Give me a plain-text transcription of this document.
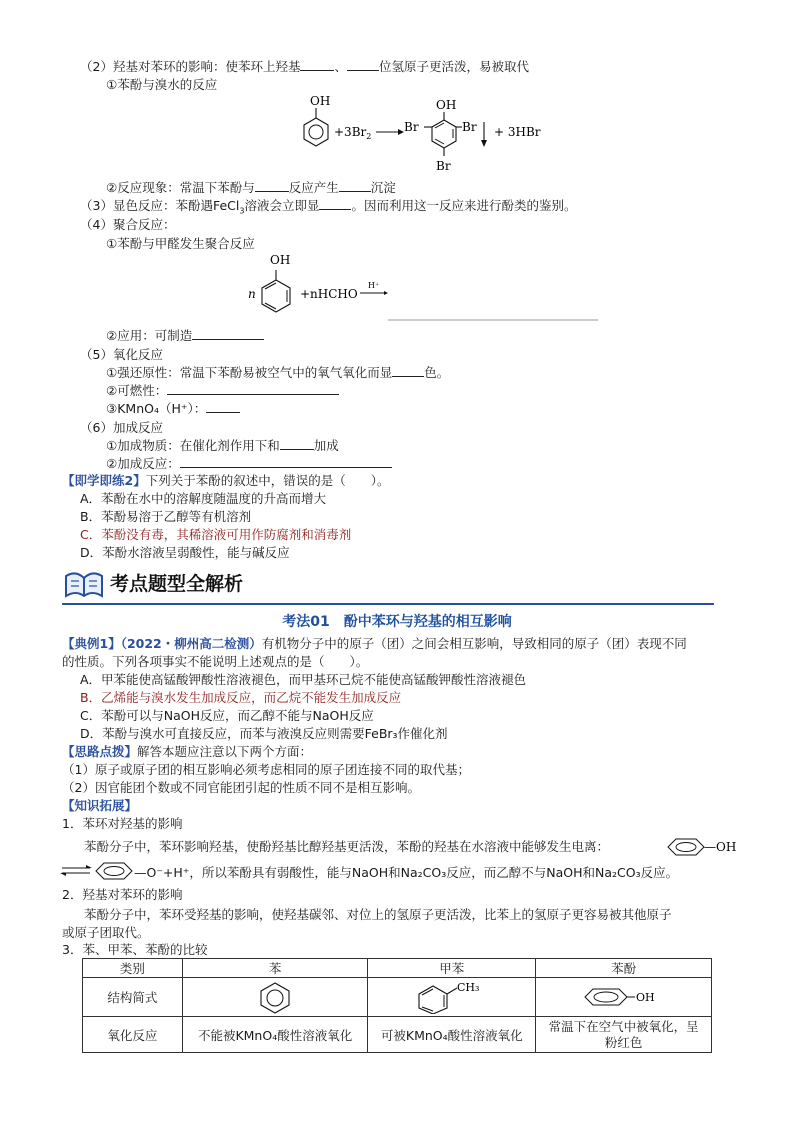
（2）羟基对苯环的影响：使苯环上羟基	、	位氢原子更活泼，易被取代
①苯酚与溴水的反应
OH
$+3Br_2$
OH
Br	Br
Br
+ 3HBr
②反应现象：常温下苯酚与	反应产生	沉淀
（3）显色反应：苯酚遇FeCl$_3$溶液会立即显	。因而利用这一反应来进行酚类的鉴别。
（4）聚合反应：
①苯酚与甲醛发生聚合反应
n
OH
+nHCHO
H⁺
②应用：可制造
（5）氧化反应
①强还原性：常温下苯酚易被空气中的氧气氧化而显	色。
②可燃性：
③KMnO₄（H⁺）：
（6）加成反应
①加成物质：在催化剂作用下和	加成
②加成反应：
【即学即练2】下列关于苯酚的叙述中，错误的是（　　）。
A．苯酚在水中的溶解度随温度的升高而增大
B．苯酚易溶于乙醇等有机溶剂
C．苯酚没有毒，其稀溶液可用作防腐剂和消毒剂
D．苯酚水溶液呈弱酸性，能与碱反应
考点题型全解析
考法01　酚中苯环与羟基的相互影响
【典例1】（2022・柳州高二检测）有机物分子中的原子（团）之间会相互影响，导致相同的原子（团）表现不同
的性质。下列各项事实不能说明上述观点的是（　　）。
A．甲苯能使高锰酸钾酸性溶液褪色，而甲基环己烷不能使高锰酸钾酸性溶液褪色
B．乙烯能与溴水发生加成反应，而乙烷不能发生加成反应
C．苯酚可以与NaOH反应，而乙醇不能与NaOH反应
D．苯酚与溴水可直接反应，而苯与液溴反应则需要FeBr₃作催化剂
【思路点拨】解答本题应注意以下两个方面：
（1）原子或原子团的相互影响必须考虑相同的原子团连接不同的取代基；
（2）因官能团个数或不同官能团引起的性质不同不是相互影响。
【知识拓展】
1．苯环对羟基的影响
苯酚分子中，苯环影响羟基，使酚羟基比醇羟基更活泼，苯酚的羟基在水溶液中能够发生电离：	—OH
—O⁻+H⁺，所以苯酚具有弱酸性，能与NaOH和Na₂CO₃反应，而乙醇不与NaOH和Na₂CO₃反应。
2．羟基对苯环的影响
苯酚分子中，苯环受羟基的影响，使羟基碳邻、对位上的氢原子更活泼，比苯上的氢原子更容易被其他原子
或原子团取代。
3．苯、甲苯、苯酚的比较
类别	苯	甲苯	苯酚
结构简式		CH₃	OH

氧化反应	不能被KMnO₄酸性溶液氧化	可被KMnO₄酸性溶液氧化	常温下在空气中被氧化，呈
粉红色
